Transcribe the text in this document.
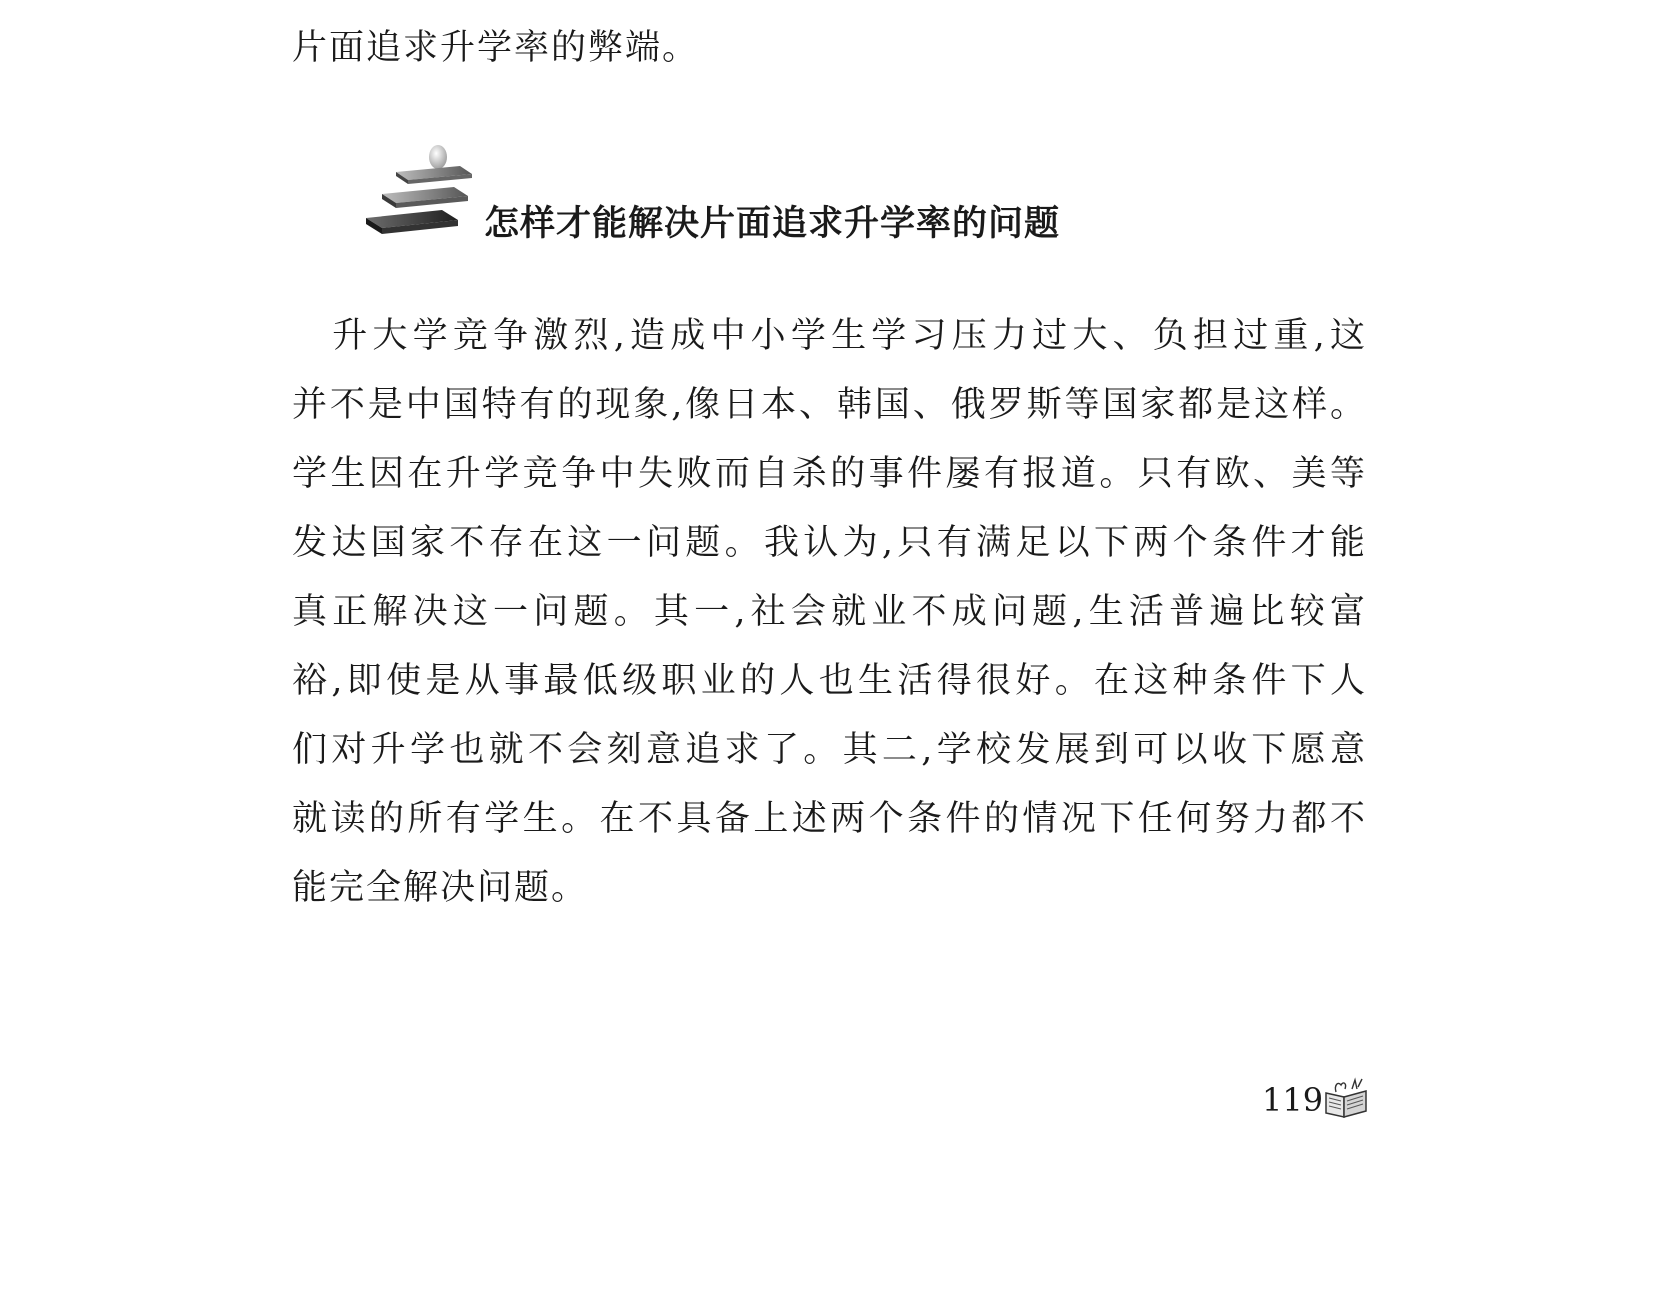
片面追求升学率的弊端。
怎样才能解决片面追求升学率的问题
　升大学竞争激烈,造成中小学生学习压力过大、负担过重,这
并不是中国特有的现象,像日本、韩国、俄罗斯等国家都是这样。
学生因在升学竞争中失败而自杀的事件屡有报道。只有欧、美等
发达国家不存在这一问题。我认为,只有满足以下两个条件才能
真正解决这一问题。其一,社会就业不成问题,生活普遍比较富
裕,即使是从事最低级职业的人也生活得很好。在这种条件下人
们对升学也就不会刻意追求了。其二,学校发展到可以收下愿意
就读的所有学生。在不具备上述两个条件的情况下任何努力都不
能完全解决问题。
119
